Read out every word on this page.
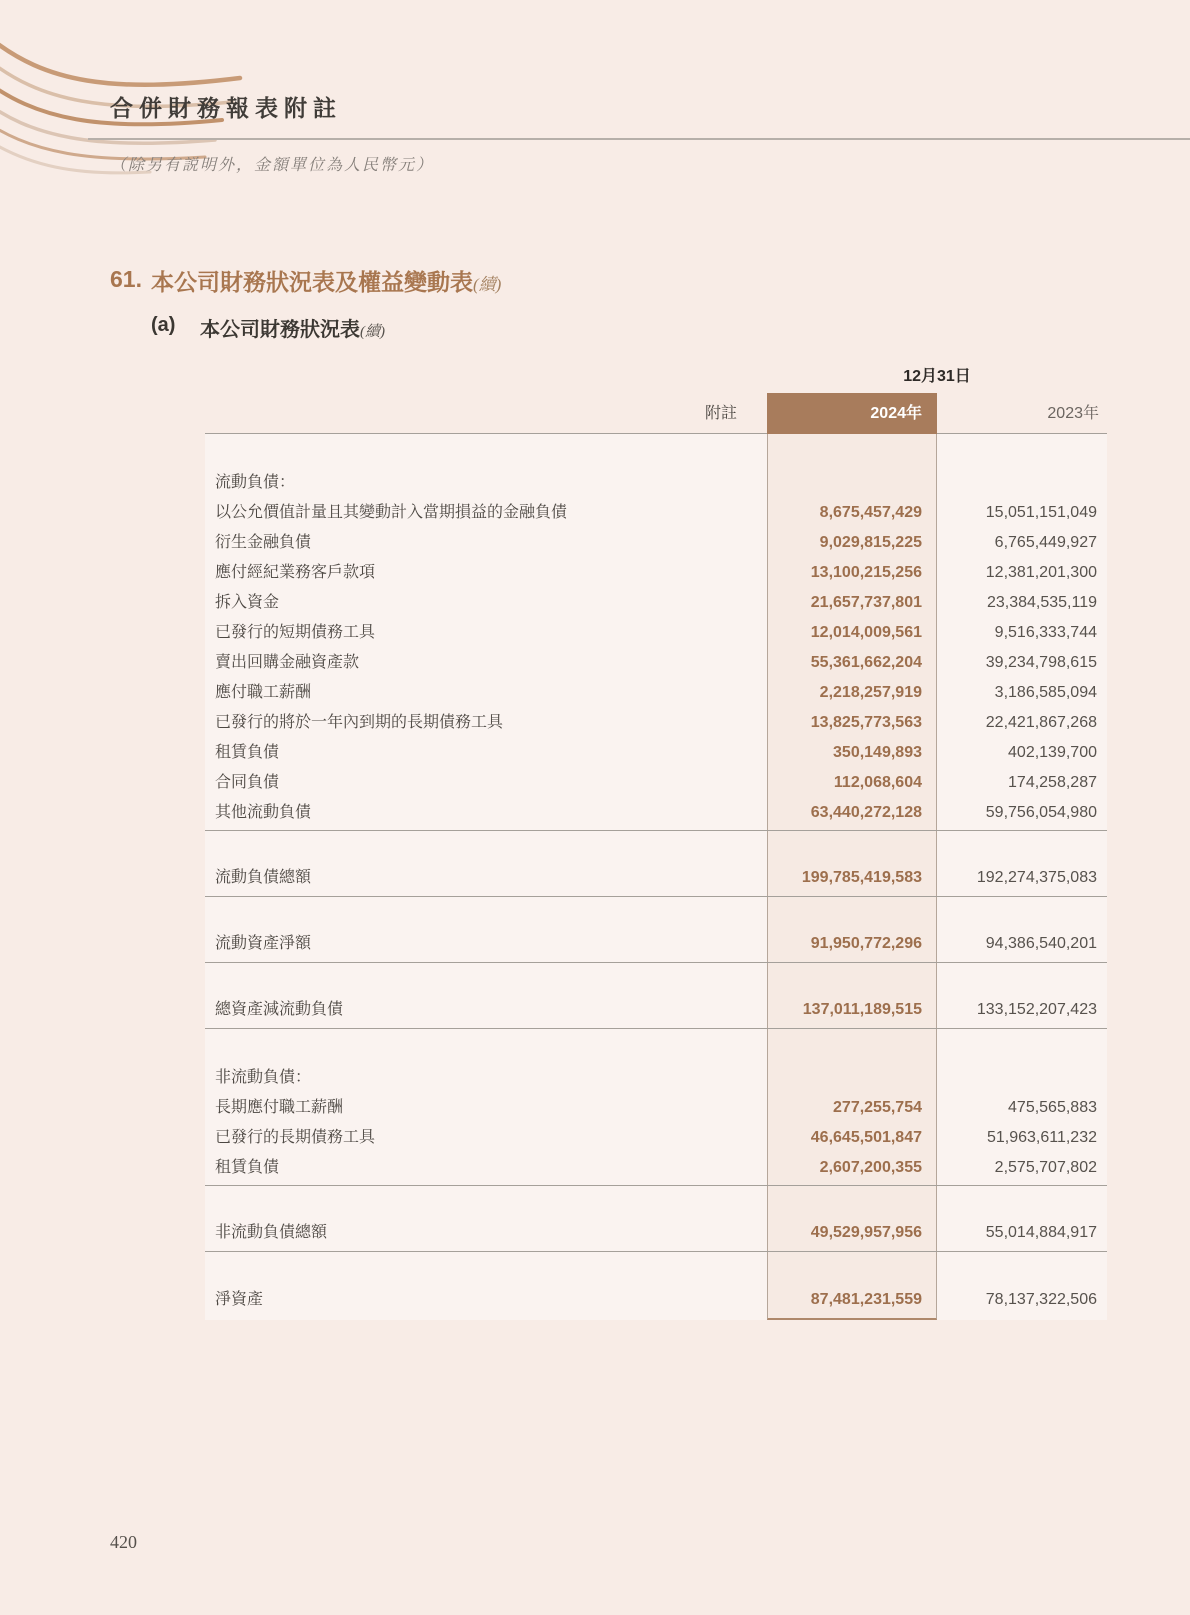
合併財務報表附註
（除另有説明外，金額單位為人民幣元）
61. 本公司財務狀況表及權益變動表(續)
(a) 本公司財務狀況表(續)
12月31日
附註	2024年	2023年
流動負債：
以公允價值計量且其變動計入當期損益的金融負債	8,675,457,429	15,051,151,049
衍生金融負債	9,029,815,225	6,765,449,927
應付經紀業務客戶款項	13,100,215,256	12,381,201,300
拆入資金	21,657,737,801	23,384,535,119
已發行的短期債務工具	12,014,009,561	9,516,333,744
賣出回購金融資產款	55,361,662,204	39,234,798,615
應付職工薪酬	2,218,257,919	3,186,585,094
已發行的將於一年內到期的長期債務工具	13,825,773,563	22,421,867,268
租賃負債	350,149,893	402,139,700
合同負債	112,068,604	174,258,287
其他流動負債	63,440,272,128	59,756,054,980
流動負債總額	199,785,419,583	192,274,375,083
流動資產淨額	91,950,772,296	94,386,540,201
總資產減流動負債	137,011,189,515	133,152,207,423
非流動負債：
長期應付職工薪酬	277,255,754	475,565,883
已發行的長期債務工具	46,645,501,847	51,963,611,232
租賃負債	2,607,200,355	2,575,707,802
非流動負債總額	49,529,957,956	55,014,884,917
淨資產	87,481,231,559	78,137,322,506
420
